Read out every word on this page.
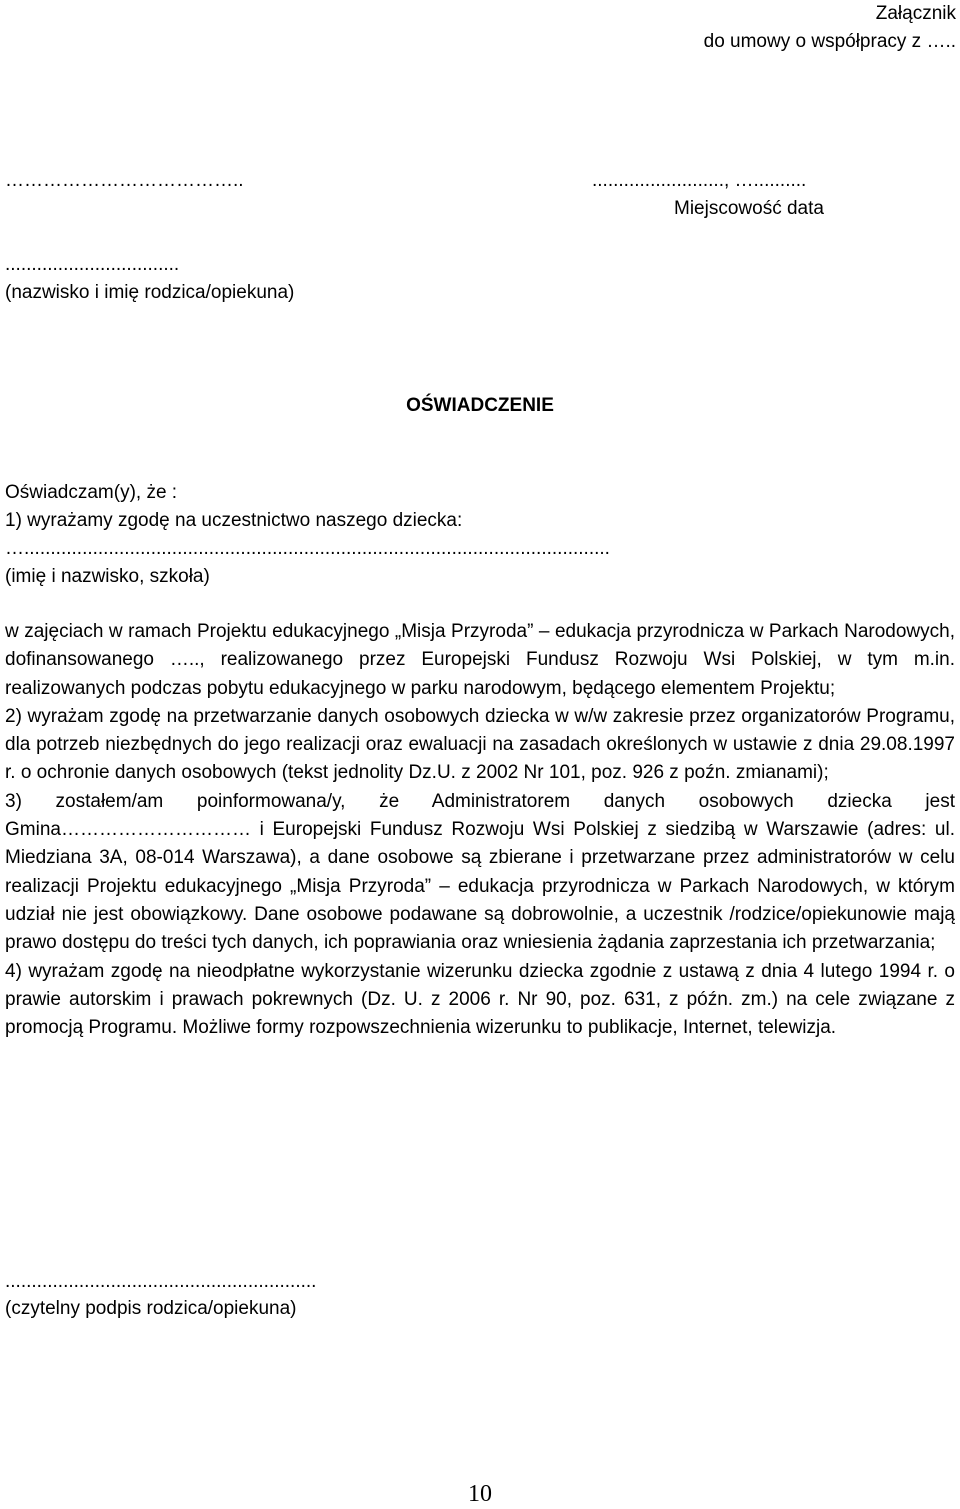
Załącznik
do umowy o współpracy z …..
………………………………..	........................., …..........
Miejscowość data
.................................
(nazwisko i imię rodzica/opiekuna)
OŚWIADCZENIE
Oświadczam(y), że :
1) wyrażamy zgodę na uczestnictwo naszego dziecka:
…...............................................................................................................
(imię i nazwisko, szkoła)

w zajęciach w ramach Projektu edukacyjnego „Misja Przyroda” – edukacja przyrodnicza w Parkach Narodowych, dofinansowanego ….., realizowanego przez Europejski Fundusz Rozwoju Wsi Polskiej, w tym m.in. realizowanych podczas pobytu edukacyjnego w parku narodowym, będącego elementem Projektu;

2) wyrażam zgodę na przetwarzanie danych osobowych dziecka w w/w zakresie przez organizatorów Programu, dla potrzeb niezbędnych do jego realizacji oraz ewaluacji na zasadach określonych w ustawie z dnia 29.08.1997 r. o ochronie danych osobowych (tekst jednolity Dz.U. z 2002 Nr 101, poz. 926 z poźn. zmianami);

3) zostałem/am poinformowana/y, że Administratorem danych osobowych dziecka jest Gmina………………………… i Europejski Fundusz Rozwoju Wsi Polskiej z siedzibą w Warszawie (adres: ul. Miedziana 3A, 08-014 Warszawa), a dane osobowe są zbierane i przetwarzane przez administratorów w celu realizacji Projektu edukacyjnego „Misja Przyroda” – edukacja przyrodnicza w Parkach Narodowych, w którym udział nie jest obowiązkowy. Dane osobowe podawane są dobrowolnie, a uczestnik /rodzice/opiekunowie mają prawo dostępu do treści tych danych, ich poprawiania oraz wniesienia żądania zaprzestania ich przetwarzania;

4) wyrażam zgodę na nieodpłatne wykorzystanie wizerunku dziecka zgodnie z ustawą z dnia 4 lutego 1994 r. o prawie autorskim i prawach pokrewnych (Dz. U. z 2006 r. Nr 90, poz. 631, z późn. zm.) na cele związane z promocją Programu. Możliwe formy rozpowszechnienia wizerunku to publikacje, Internet, telewizja.

...........................................................
(czytelny podpis rodzica/opiekuna)
10
